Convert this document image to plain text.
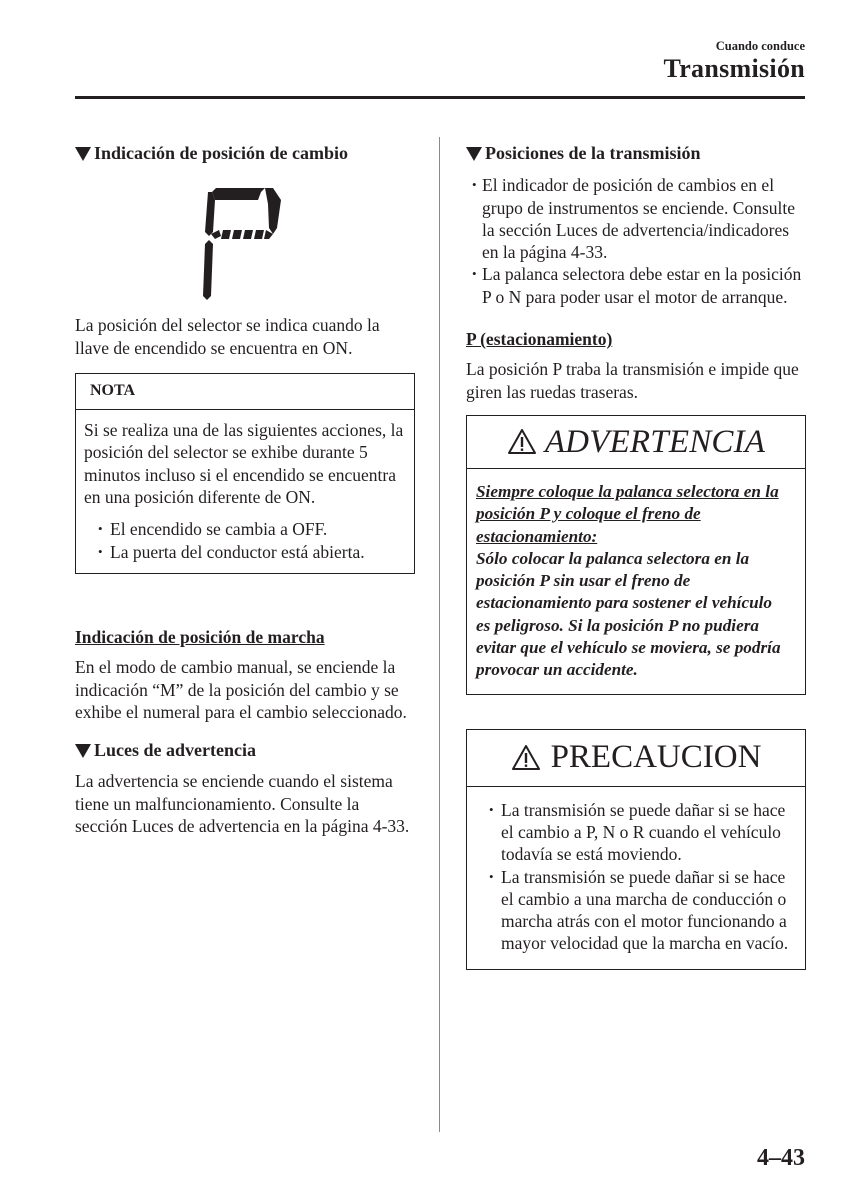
Cuando conduce
Transmisión
Indicación de posición de cambio

La posición del selector se indica cuando la llave de encendido se encuentra en ON.

NOTA

Si se realiza una de las siguientes acciones, la posición del selector se exhibe durante 5 minutos incluso si el encendido se encuentra en una posición diferente de ON.

• El encendido se cambia a OFF.
• La puerta del conductor está abierta.
Indicación de posición de marcha

En el modo de cambio manual, se enciende la indicación “M” de la posición del cambio y se exhibe el numeral para el cambio seleccionado.

Luces de advertencia

La advertencia se enciende cuando el sistema tiene un malfuncionamiento. Consulte la sección Luces de advertencia en la página 4-33.

Posiciones de la transmisión
• El indicador de posición de cambios en el grupo de instrumentos se enciende. Consulte la sección Luces de advertencia/indicadores en la página 4-33.
• La palanca selectora debe estar en la posición P o N para poder usar el motor de arranque.
P (estacionamiento)

La posición P traba la transmisión e impide que giren las ruedas traseras.

ADVERTENCIA

Siempre coloque la palanca selectora en la posición P y coloque el freno de estacionamiento:
Sólo colocar la palanca selectora en la posición P sin usar el freno de estacionamiento para sostener el vehículo es peligroso. Si la posición P no pudiera evitar que el vehículo se moviera, se podría provocar un accidente.

PRECAUCION
• La transmisión se puede dañar si se hace el cambio a P, N o R cuando el vehículo todavía se está moviendo.
• La transmisión se puede dañar si se hace el cambio a una marcha de conducción o marcha atrás con el motor funcionando a mayor velocidad que la marcha en vacío.
4–43
